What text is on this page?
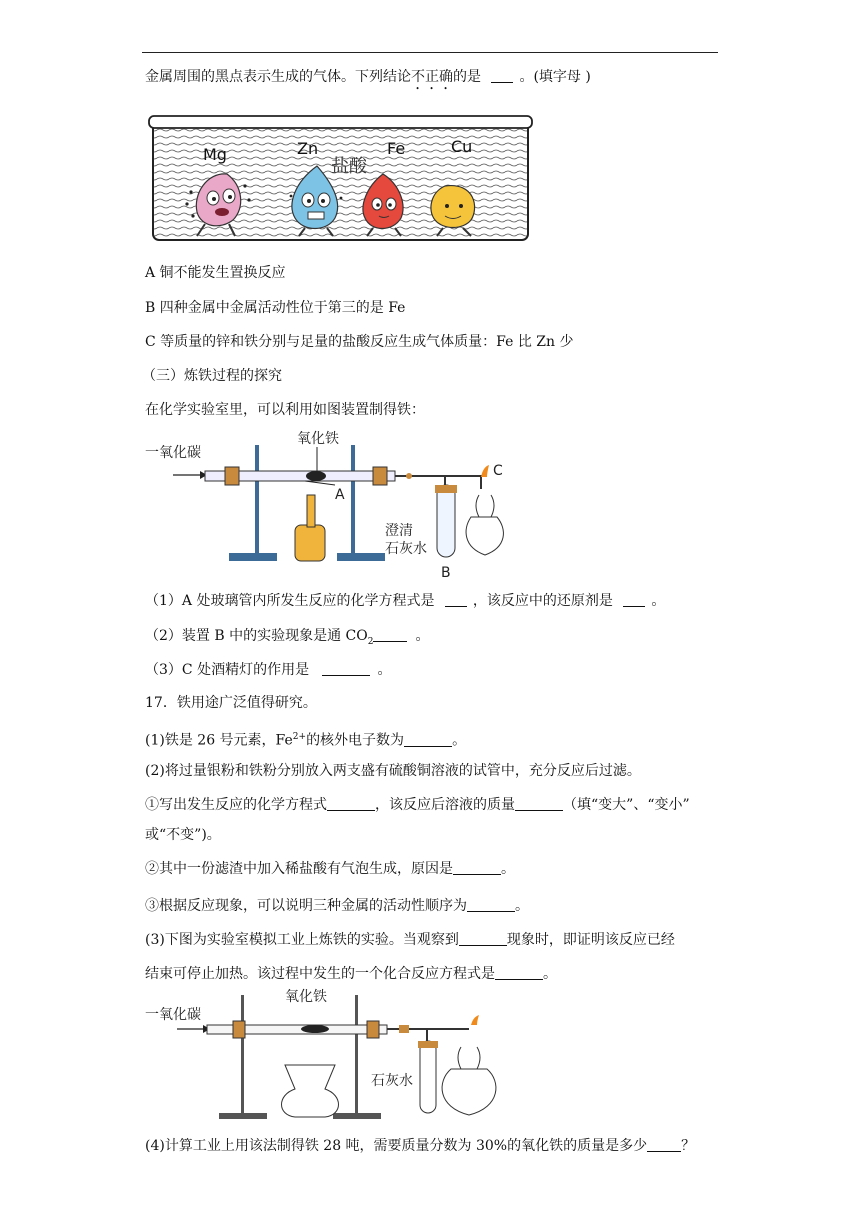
金属周围的黑点表示生成的气体。下列结论不正确的是	。(填字母 )
Mg	Zn
盐酸
Fe	Cu
A 铜不能发生置换反应
B 四种金属中金属活动性位于第三的是 Fe
C 等质量的锌和铁分别与足量的盐酸反应生成气体质量：Fe 比 Zn 少
（三）炼铁过程的探究
在化学实验室里，可以利用如图装置制得铁：
一氧化碳
氧化铁
A
澄清
石灰水
B
C
（1）A 处玻璃管内所发生反应的化学方程式是	，该反应中的还原剂是	。
（2）装置 B 中的实验现象是通 $CO_2$	。
（3）C 处酒精灯的作用是	。
17．铁用途广泛值得研究。
(1)铁是 26 号元素，$Fe^{2+}$的核外电子数为	。
(2)将过量银粉和铁粉分别放入两支盛有硫酸铜溶液的试管中，充分反应后过滤。
①写出发生反应的化学方程式	，该反应后溶液的质量	（填“变大”、“变小”
或“不变”)。
②其中一份滤渣中加入稀盐酸有气泡生成，原因是	。
③根据反应现象，可以说明三种金属的活动性顺序为	。
(3)下图为实验室模拟工业上炼铁的实验。当观察到	现象时，即证明该反应已经
结束可停止加热。该过程中发生的一个化合反应方程式是	。
一氧化碳
氧化铁
石灰水
(4)计算工业上用该法制得铁 28 吨，需要质量分数为 30%的氧化铁的质量是多少 ？
